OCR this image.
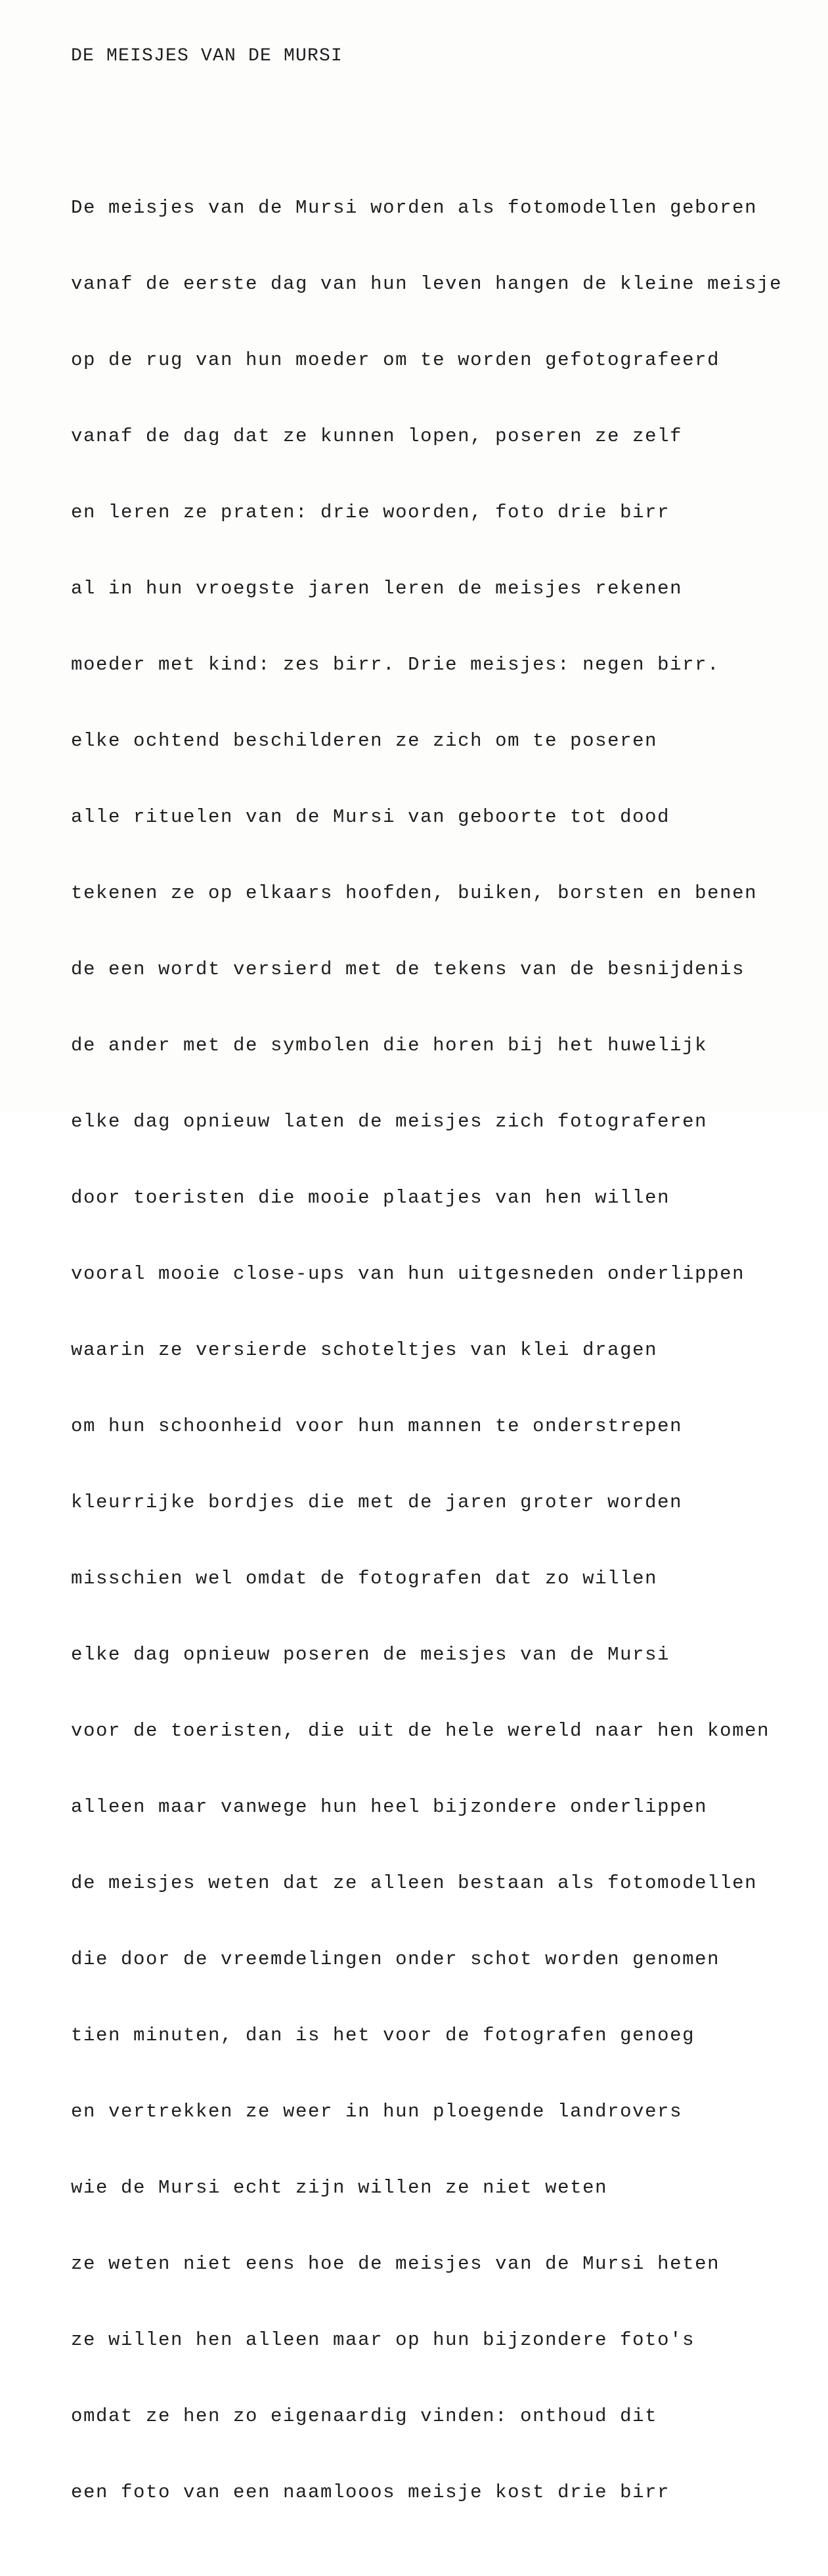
DE MEISJES VAN DE MURSI

De meisjes van de Mursi worden als fotomodellen geboren

vanaf de eerste dag van hun leven hangen de kleine meisje

op de rug van hun moeder om te worden gefotografeerd

vanaf de dag dat ze kunnen lopen, poseren ze zelf

en leren ze praten: drie woorden, foto drie birr

al in hun vroegste jaren leren de meisjes rekenen

moeder met kind: zes birr. Drie meisjes: negen birr.

elke ochtend beschilderen ze zich om te poseren

alle rituelen van de Mursi van geboorte tot dood

tekenen ze op elkaars hoofden, buiken, borsten en benen

de een wordt versierd met de tekens van de besnijdenis

de ander met de symbolen die horen bij het huwelijk

elke dag opnieuw laten de meisjes zich fotograferen

door toeristen die mooie plaatjes van hen willen

vooral mooie close-ups van hun uitgesneden onderlippen

waarin ze versierde schoteltjes van klei dragen

om hun schoonheid voor hun mannen te onderstrepen

kleurrijke bordjes die met de jaren groter worden

misschien wel omdat de fotografen dat zo willen

elke dag opnieuw poseren de meisjes van de Mursi

voor de toeristen, die uit de hele wereld naar hen komen

alleen maar vanwege hun heel bijzondere onderlippen

de meisjes weten dat ze alleen bestaan als fotomodellen

die door de vreemdelingen onder schot worden genomen

tien minuten, dan is het voor de fotografen genoeg

en vertrekken ze weer in hun ploegende landrovers

wie de Mursi echt zijn willen ze niet weten

ze weten niet eens hoe de meisjes van de Mursi heten

ze willen hen alleen maar op hun bijzondere foto's

omdat ze hen zo eigenaardig vinden: onthoud dit

een foto van een naamlooos meisje kost drie birr
